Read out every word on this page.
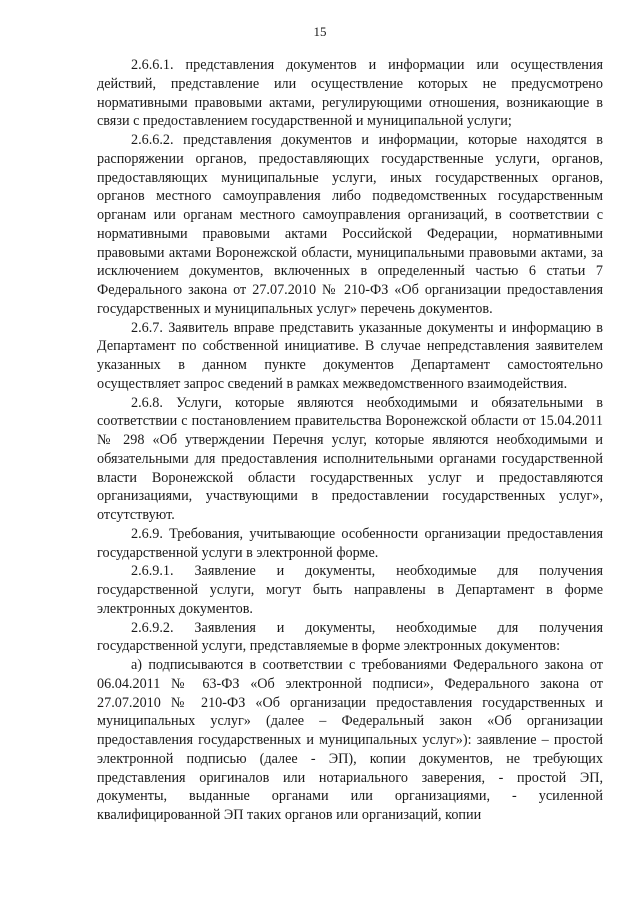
15

2.6.6.1. представления документов и информации или осуществления действий, представление или осуществление которых не предусмотрено нормативными правовыми актами, регулирующими отношения, возникающие в связи с предоставлением государственной и муниципальной услуги;

2.6.6.2. представления документов и информации, которые находятся в распоряжении органов, предоставляющих государственные услуги, органов, предоставляющих муниципальные услуги, иных государственных органов, органов местного самоуправления либо подведомственных государственным органам или органам местного самоуправления организаций, в соответствии с нормативными правовыми актами Российской Федерации, нормативными правовыми актами Воронежской области, муниципальными правовыми актами, за исключением документов, включенных в определенный частью 6 статьи 7 Федерального закона от 27.07.2010 № 210-ФЗ «Об организации предоставления государственных и муниципальных услуг» перечень документов.

2.6.7. Заявитель вправе представить указанные документы и информацию в Департамент по собственной инициативе. В случае непредставления заявителем указанных в данном пункте документов Департамент самостоятельно осуществляет запрос сведений в рамках межведомственного взаимодействия.

2.6.8. Услуги, которые являются необходимыми и обязательными в соответствии с постановлением правительства Воронежской области от 15.04.2011 № 298 «Об утверждении Перечня услуг, которые являются необходимыми и обязательными для предоставления исполнительными органами государственной власти Воронежской области государственных услуг и предоставляются организациями, участвующими в предоставлении государственных услуг», отсутствуют.

2.6.9. Требования, учитывающие особенности организации предоставления государственной услуги в электронной форме.

2.6.9.1. Заявление и документы, необходимые для получения государственной услуги, могут быть направлены в Департамент в форме электронных документов.

2.6.9.2. Заявления и документы, необходимые для получения государственной услуги, представляемые в форме электронных документов:

а) подписываются в соответствии с требованиями Федерального закона от 06.04.2011 № 63-ФЗ «Об электронной подписи», Федерального закона от 27.07.2010 № 210-ФЗ «Об организации предоставления государственных и муниципальных услуг» (далее – Федеральный закон «Об организации предоставления государственных и муниципальных услуг»): заявление – простой электронной подписью (далее - ЭП), копии документов, не требующих представления оригиналов или нотариального заверения, - простой ЭП, документы, выданные органами или организациями, - усиленной квалифицированной ЭП таких органов или организаций, копии
